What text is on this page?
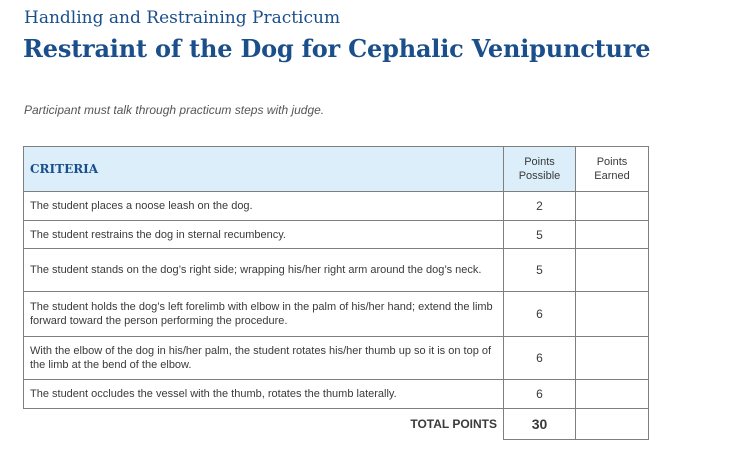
Handling and Restraining Practicum
Restraint of the Dog for Cephalic Venipuncture
Participant must talk through practicum steps with judge.
CRITERIA	Points Possible	Points Earned
The student places a noose leash on the dog.	2	
The student restrains the dog in sternal recumbency.	5	
The student stands on the dog’s right side; wrapping his/her right arm around the dog’s neck.	5	
The student holds the dog’s left forelimb with elbow in the palm of his/her hand; extend the limb forward toward the person performing the procedure.	6	
With the elbow of the dog in his/her palm, the student rotates his/her thumb up so it is on top of the limb at the bend of the elbow.	6	
The student occludes the vessel with the thumb, rotates the thumb laterally.	6	
TOTAL POINTS	30	
